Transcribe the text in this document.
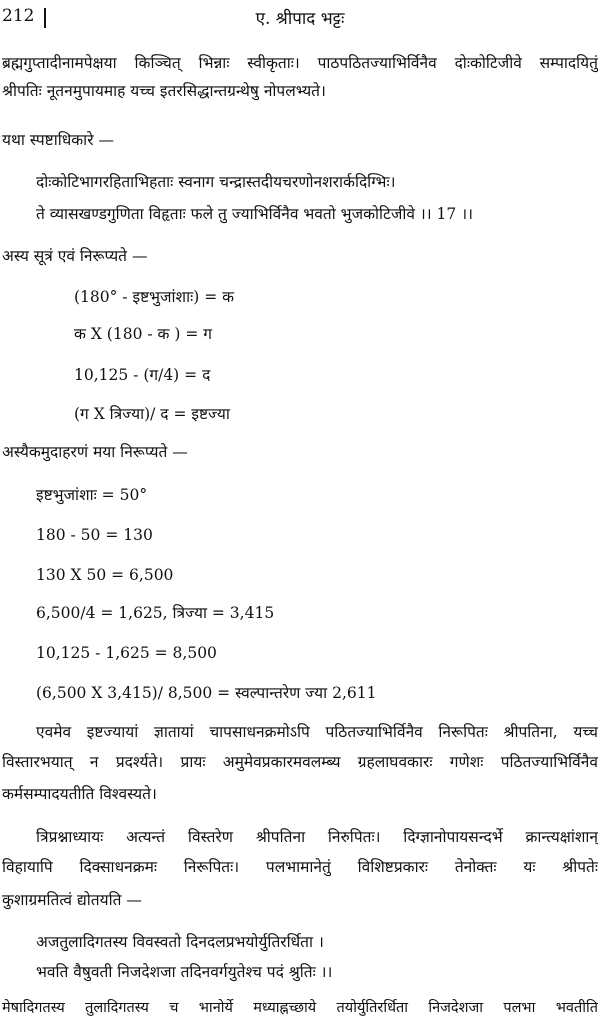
212	ए. श्रीपाद भट्टः
ब्रह्मगुप्तादीनामपेक्षया किञ्चित् भिन्नाः स्वीकृताः। पाठपठितज्याभिर्विनैव दोःकोटिजीवे सम्पादयितुं
श्रीपतिः नूतनमुपायमाह यच्च इतरसिद्धान्तग्रन्थेषु नोपलभ्यते।
यथा स्पष्टाधिकारे —
दोःकोटिभागरहिताभिहताः स्वनाग चन्द्रास्तदीयचरणोनशरार्कदिग्भिः।
ते व्यासखण्डगुणिता विहृताः फले तु ज्याभिर्विनैव भवतो भुजकोटिजीवे ।। 17 ।।
अस्य सूत्रं एवं निरूप्यते —
(180° - इष्टभुजांशाः) = क
क X (180 - क ) = ग
10,125 - (ग/4) = द
(ग X त्रिज्या)/ द = इष्टज्या
अस्यैकमुदाहरणं मया निरूप्यते —
इष्टभुजांशाः = 50°
180 - 50 = 130
130 X 50 = 6,500
6,500/4 = 1,625, त्रिज्या = 3,415
10,125 - 1,625 = 8,500
(6,500 X 3,415)/ 8,500 = स्वल्पान्तरेण ज्या 2,611
एवमेव इष्टज्यायां ज्ञातायां चापसाधनक्रमोऽपि पठितज्याभिर्विनैव निरूपितः श्रीपतिना, यच्च
विस्तारभयात् न प्रदर्श्यते। प्रायः अमुमेवप्रकारमवलम्ब्य ग्रहलाघवकारः गणेशः पठितज्याभिर्विनैव
कर्मसम्पादयतीति विश्वस्यते।
त्रिप्रश्नाध्यायः अत्यन्तं विस्तरेण श्रीपतिना निरुपितः। दिग्ज्ञानोपायसन्दर्भे क्रान्त्यक्षांशान्
विहायापि दिक्साधनक्रमः निरूपितः। पलभामानेतुं विशिष्टप्रकारः तेनोक्तः यः श्रीपतेः
कुशाग्रमतित्वं द्योतयति —
अजतुलादिगतस्य विवस्वतो दिनदलप्रभयोर्युतिरर्धिता ।
भवति वैषुवती निजदेशजा तदिनवर्गयुतेश्च पदं श्रुतिः ।।
मेषादिगतस्य तुलादिगतस्य च भानोर्ये मध्याह्नच्छाये तयोर्युतिरर्धिता निजदेशजा पलभा भवतीति
